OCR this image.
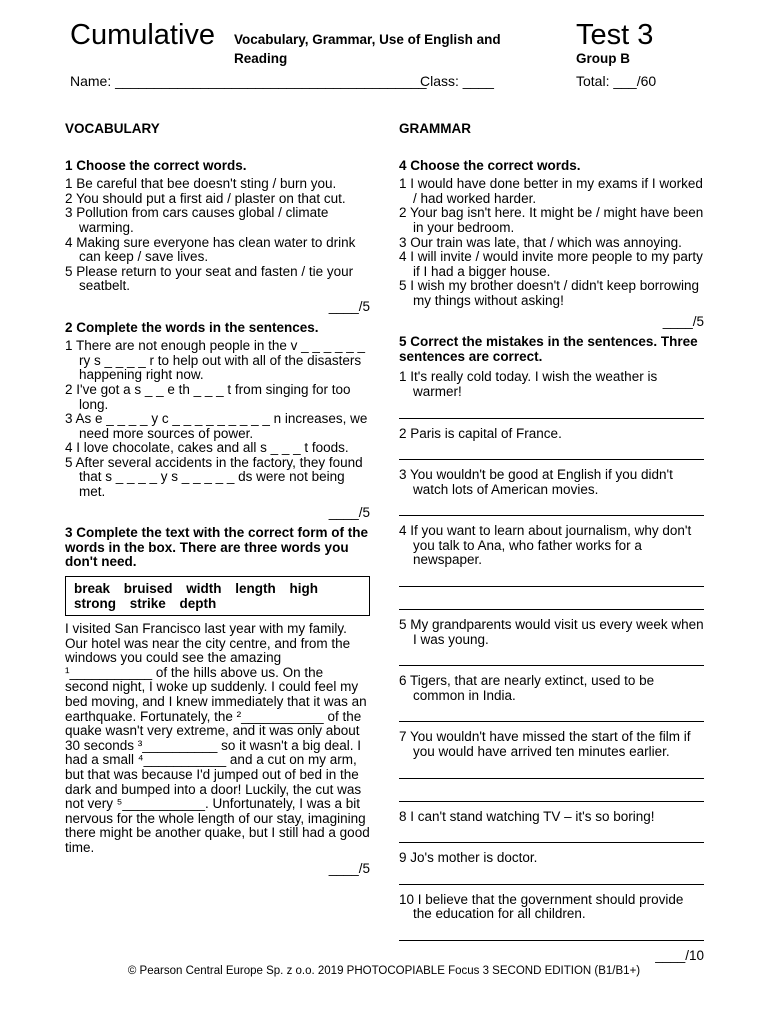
Cumulative Vocabulary, Grammar, Use of English and Reading
Test 3
Group B
Name: ________________________________________
Class: ____	Total: ___/60

VOCABULARY

1 Choose the correct words.

1 Be careful that bee doesn't sting / burn you.

2 You should put a first aid / plaster on that cut.

3 Pollution from cars causes global / climate warming.

4 Making sure everyone has clean water to drink can keep / save lives.

5 Please return to your seat and fasten / tie your seatbelt.

____/5

2 Complete the words in the sentences.

1 There are not enough people in the v _ _ _ _ _ _ ry s _ _ _ _ r to help out with all of the disasters happening right now.

2 I've got a s _ _ e th _ _ _ t from singing for too long.

3 As e _ _ _ _ y c _ _ _ _ _ _ _ _ _ n increases, we need more sources of power.

4 I love chocolate, cakes and all s _ _ _ t foods.

5 After several accidents in the factory, they found that s _ _ _ _ y s _ _ _ _ _ ds were not being met.

____/5

3 Complete the text with the correct form of the words in the box. There are three words you don't need.

break bruised width length high

strong strike depth

I visited San Francisco last year with my family. Our hotel was near the city centre, and from the windows you could see the amazing ¹___________ of the hills above us. On the second night, I woke up suddenly. I could feel my bed moving, and I knew immediately that it was an earthquake. Fortunately, the ²___________ of the quake wasn't very extreme, and it was only about 30 seconds ³__________ so it wasn't a big deal. I had a small ⁴___________ and a cut on my arm, but that was because I'd jumped out of bed in the dark and bumped into a door! Luckily, the cut was not very ⁵___________. Unfortunately, I was a bit nervous for the whole length of our stay, imagining there might be another quake, but I still had a good time.

____/5

GRAMMAR

4 Choose the correct words.

1 I would have done better in my exams if I worked / had worked harder.

2 Your bag isn't here. It might be / might have been in your bedroom.

3 Our train was late, that / which was annoying.

4 I will invite / would invite more people to my party if I had a bigger house.

5 I wish my brother doesn't / didn't keep borrowing my things without asking!

____/5

5 Correct the mistakes in the sentences. Three sentences are correct.

1 It's really cold today. I wish the weather is warmer!

2 Paris is capital of France.

3 You wouldn't be good at English if you didn't watch lots of American movies.

4 If you want to learn about journalism, why don't you talk to Ana, who father works for a newspaper.

5 My grandparents would visit us every week when I was young.

6 Tigers, that are nearly extinct, used to be common in India.

7 You wouldn't have missed the start of the film if you would have arrived ten minutes earlier.

8 I can't stand watching TV – it's so boring!

9 Jo's mother is doctor.

10 I believe that the government should provide the education for all children.

____/10

© Pearson Central Europe Sp. z o.o. 2019 PHOTOCOPIABLE Focus 3 SECOND EDITION (B1/B1+)
